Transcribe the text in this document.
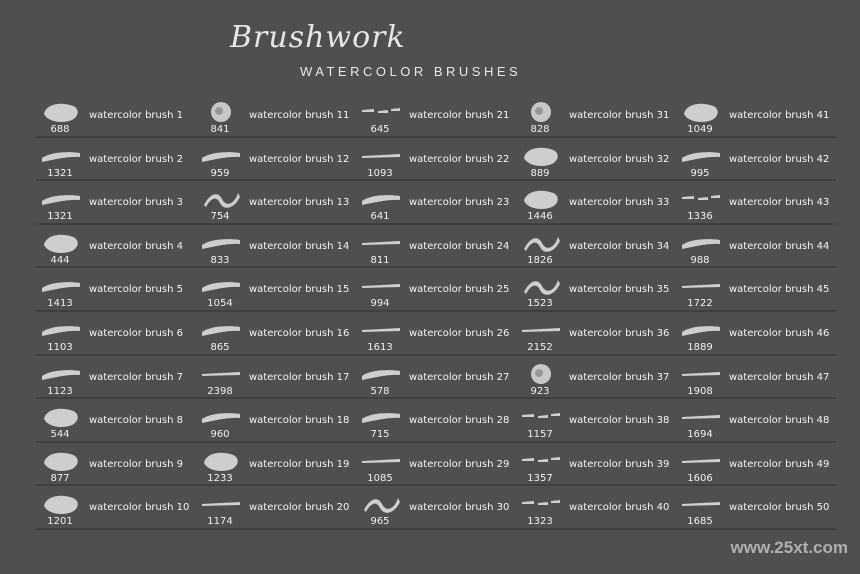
Brushwork
WATERCOLOR BRUSHES
688
watercolor brush 1
1321
watercolor brush 2
1321
watercolor brush 3
444
watercolor brush 4
1413
watercolor brush 5
1103
watercolor brush 6
1123
watercolor brush 7
544
watercolor brush 8
877
watercolor brush 9
1201
watercolor brush 10
841
watercolor brush 11
959
watercolor brush 12
754
watercolor brush 13
833
watercolor brush 14
1054
watercolor brush 15
865
watercolor brush 16
2398
watercolor brush 17
960
watercolor brush 18
1233
watercolor brush 19
1174
watercolor brush 20
645
watercolor brush 21
1093
watercolor brush 22
641
watercolor brush 23
811
watercolor brush 24
994
watercolor brush 25
1613
watercolor brush 26
578
watercolor brush 27
715
watercolor brush 28
1085
watercolor brush 29
965
watercolor brush 30
828
watercolor brush 31
889
watercolor brush 32
1446
watercolor brush 33
1826
watercolor brush 34
1523
watercolor brush 35
2152
watercolor brush 36
923
watercolor brush 37
1157
watercolor brush 38
1357
watercolor brush 39
1323
watercolor brush 40
1049
watercolor brush 41
995
watercolor brush 42
1336
watercolor brush 43
988
watercolor brush 44
1722
watercolor brush 45
1889
watercolor brush 46
1908
watercolor brush 47
1694
watercolor brush 48
1606
watercolor brush 49
1685
watercolor brush 50
www.25xt.com
